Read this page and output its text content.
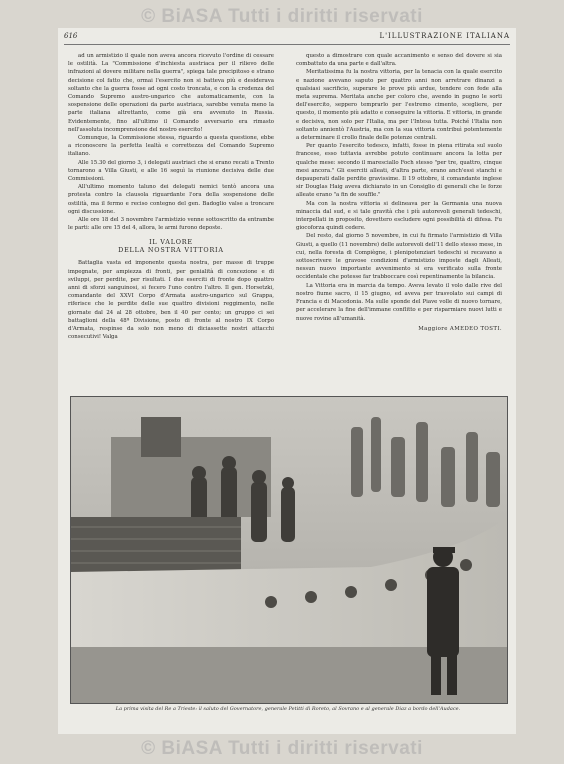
© BiASA Tutti i diritti riservati
616	L'ILLUSTRAZIONE ITALIANA

ad un armistizio il quale non aveva ancora ricevuto l'ordine di cessare le ostilità. La "Commissione d'inchiesta austriaca per il rilievo delle infrazioni al dovere militare nella guerra", spiega tale precipitoso e strano decisione col fatto che, ormai l'esercito non si batteva più e desiderava soltanto che la guerra fosse ad ogni costo troncata, e con la credenza del Comando Supremo austro-ungarico che automaticamente, con la sospensione delle operazioni da parte austriaca, sarebbe venuta meno la parte italiana altrettanto, come già era avvenuto in Russia. Evidentemente, fino all'ultimo il Comando avversario era rimasto nell'assoluta incomprensione del nostro esercito!

Comunque, la Commissione stessa, riguardo a questa questione, ebbe a riconoscere la perfetta lealtà e correttezza del Comando Supremo italiano.

Alle 15.30 del giorno 3, i delegati austriaci che si erano recati a Trento tornarono a Villa Giusti, e alle 16 seguì la riunione decisiva delle due Commissioni.

All'ultimo momento taluno dei delegati nemici tentò ancora una protesta contro la clausola riguardante l'ora della sospensione delle ostilità, ma il fermo e reciso contegno del gen. Badoglio valse a troncare ogni discussione.

Alle ore 18 del 3 novembre l'armistizio venne sottoscritto da entrambe le parti: alle ore 15 del 4, allora, le armi furono deposte.

IL VALORE
DELLA NOSTRA VITTORIA

Battaglia vasta ed imponente questa nostra, per masse di truppe impegnate, per ampiezza di fronti, per genialità di concezione e di sviluppi, per perdite, per risultati. I due eserciti di fronte dopo quattro anni di sforzi sanguinosi, si fecero l'uno contro l'altro. Il gen. Horsetzki, comandante del XXVI Corpo d'Armata austro-ungarico sul Grappa, riferisce che le perdite delle sue quattro divisioni reggimento, nelle giornate dal 24 al 28 ottobre, ben il 40 per cento; un gruppo ci sei battaglioni della 48ª Divisione, posto di fronte al nostro IX Corpo d'Armata, respinse da solo non meno di diciassette nostri attacchi consecutivi! Valga

questo a dimostrare con quale accanimento e senso del dovere si sia combattuto da una parte e dall'altra.

Meritatissima fu la nostra vittoria, per la tenacia con la quale esercito e nazione avevano saputo per quattro anni non arretrare dinanzi a qualsiasi sacrificio, superare le prove più ardue, tendere con fede alla meta suprema. Meritata anche per coloro che, avendo in pugno le sorti dell'esercito, seppero temprarlo per l'estremo cimento, scegliere, per questo, il momento più adatto e conseguire la vittoria. E vittoria, in grande e decisiva, non solo per l'Italia, ma per l'Intesa tutta. Poiché l'Italia non soltanto annientò l'Austria, ma con la sua vittoria contribuì potentemente a determinare il crollo finale delle potenze centrali.

Per quanto l'esercito tedesco, infatti, fosse in piena ritirata sul suolo francese, esso tuttavia avrebbe potuto continuare ancora la lotta per qualche mese: secondo il maresciallo Foch stesso "per tre, quattro, cinque mesi ancora." Gli eserciti alleati, d'altra parte, erano anch'essi stanchi e depauperati dalle perdite gravissime. Il 19 ottobre, il comandante inglese sir Douglas Haig aveva dichiarato in un Consiglio di generali che le forze alleate erano "a fin de souffle."

Ma con la nostra vittoria si delineava per la Germania una nuova minaccia dal sud, e si tale gravità che i più autorevoli generali tedeschi, interpellati in proposito, dovettero escludere ogni possibilità di difesa. Fu giocoforza quindi cedere.

Del resto, dal giorno 5 novembre, in cui fu firmato l'armistizio di Villa Giusti, a quello (11 novembre) delle autorevoli dell'11 dello stesso mese, in cui, nella foresta di Compiègne, i plenipotenziari tedeschi si recavano a sottoscrivere le gravose condizioni d'armistizio imposte dagli Alleati, nessun nuovo importante avvenimento si era verificato sulla fronte occidentale che potesse far trabboccare così repentinamente la bilancia.

La Vittoria era in marcia da tempo. Aveva levato il volo dalle rive del nostro fiume sacro, il 15 giugno, ed aveva per trasvolato sui campi di Francia e di Macedonia. Ma sulle sponde del Piave volle di nuovo tornare, per accelerare la fine dell'immane conflitto e per risparmiare nuovi lutti e nuove rovine all'umanità.

Maggiore AMEDEO TOSTI.
La prima visita del Re a Trieste: il saluto del Governatore, generale Petitti di Roreto, al Sovrano e al generale Diaz a bordo dell'Audace.
© BiASA Tutti i diritti riservati
